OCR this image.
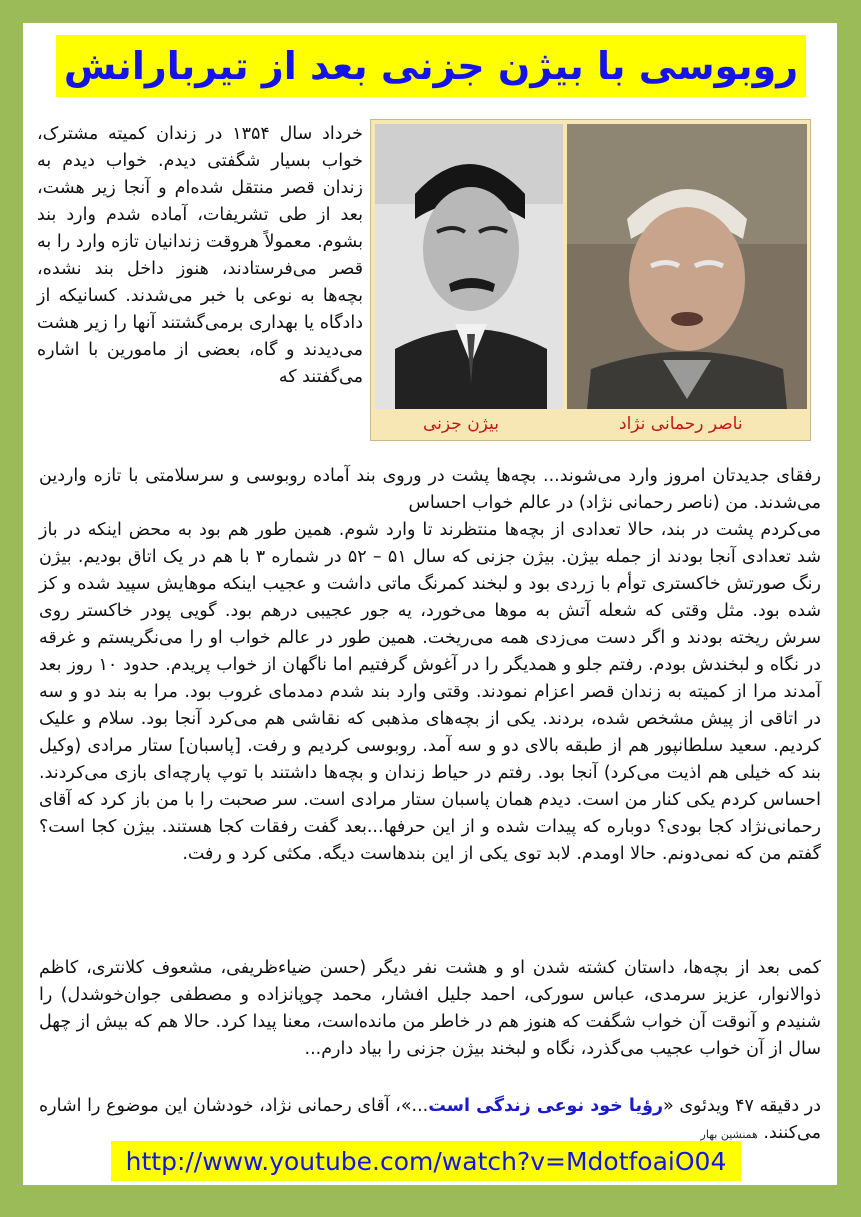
روبوسی با بیژن جزنی بعد از تیربارانش
بیژن جزنی	ناصر رحمانی نژاد

خرداد سال ۱۳۵۴ در زندان کمیته مشترک، خواب بسیار شگفتی دیدم. خواب دیدم به زندان قصر منتقل شده‌ام و آنجا زیر هشت، بعد از طی تشریفات، آماده شدم وارد بند بشوم. معمولاً هروقت زندانیان تازه وارد را به قصر می‌فرستادند، هنوز داخل بند نشده، بچه‌ها به نوعی با خبر می‌شدند. کسانیکه از دادگاه یا بهداری برمی‌گشتند آنها را زیر هشت می‌دیدند و گاه، بعضی از مامورین با اشاره می‌گفتند که

رفقای جدیدتان امروز وارد می‌شوند... بچه‌ها پشت در وروی بند آماده روبوسی و سرسلامتی با تازه واردین می‌شدند. من (ناصر رحمانی نژاد) در عالم خواب احساس

می‌کردم پشت در بند، حالا تعدادی از بچه‌ها منتظرند تا وارد شوم. همین طور هم بود به محض اینکه در باز شد تعدادی آنجا بودند از جمله بیژن. بیژن جزنی که سال ۵۱ – ۵۲ در شماره ۳ با هم در یک اتاق بودیم. بیژن رنگ صورتش خاکستری توأم با زردی بود و لبخند کمرنگ ماتی داشت و عجیب اینکه موهایش سپید شده و کز شده بود. مثل وقتی که شعله آتش به موها می‌خورد، یه جور عجیبی درهم بود. گویی پودر خاکستر روی سرش ریخته بودند و اگر دست می‌زدی همه می‌ریخت. همین طور در عالم خواب او را می‌نگریستم و غرقه در نگاه و لبخندش بودم. رفتم جلو و همدیگر را در آغوش گرفتیم اما ناگهان از خواب پریدم. حدود ۱۰ روز بعد آمدند مرا از کمیته به زندان قصر اعزام نمودند. وقتی وارد بند شدم دمدمای غروب بود. مرا به بند دو و سه در اتاقی از پیش مشخص شده، بردند. یکی از بچه‌های مذهبی که نقاشی هم می‌کرد آنجا بود. سلام و علیک کردیم. سعید سلطانپور هم از طبقه بالای دو و سه آمد. روبوسی کردیم و رفت. [پاسبان] ستار مرادی (وکیل بند که خیلی هم اذیت می‌کرد) آنجا بود. رفتم در حیاط زندان و بچه‌ها داشتند با توپ پارچه‌ای بازی می‌کردند. احساس کردم یکی کنار من است. دیدم همان پاسبان ستار مرادی است. سر صحبت را با من باز کرد که آقای رحمانی‌نژاد کجا بودی؟ دوباره که پیدات شده و از این حرفها...بعد گفت رفقات کجا هستند. بیژن کجا است؟ گفتم من که نمی‌دونم. حالا اومدم. لابد توی یکی از این بندهاست دیگه. مکثی کرد و رفت.

کمی بعد از بچه‌ها، داستان کشته شدن او و هشت نفر دیگر (حسن ضیاءظریفی، مشعوف کلانتری، کاظم ذوالانوار، عزیز سرمدی، عباس سورکی، احمد جلیل افشار، محمد چوپانزاده و مصطفی جوان‌خوشدل) را شنیدم و آنوقت آن خواب شگفت که هنوز هم در خاطر من مانده‌است، معنا پیدا کرد. حالا هم که بیش از چهل سال از آن خواب عجیب می‌گذرد، نگاه و لبخند بیژن جزنی را بیاد دارم...

در دقیقه ۴۷ ویدئوی «رؤیا خود نوعی زندگی است...»، آقای رحمانی نژاد، خودشان این موضوع را اشاره می‌کنند. همنشین بهار

http://www.youtube.com/watch?v=MdotfoaiO04
